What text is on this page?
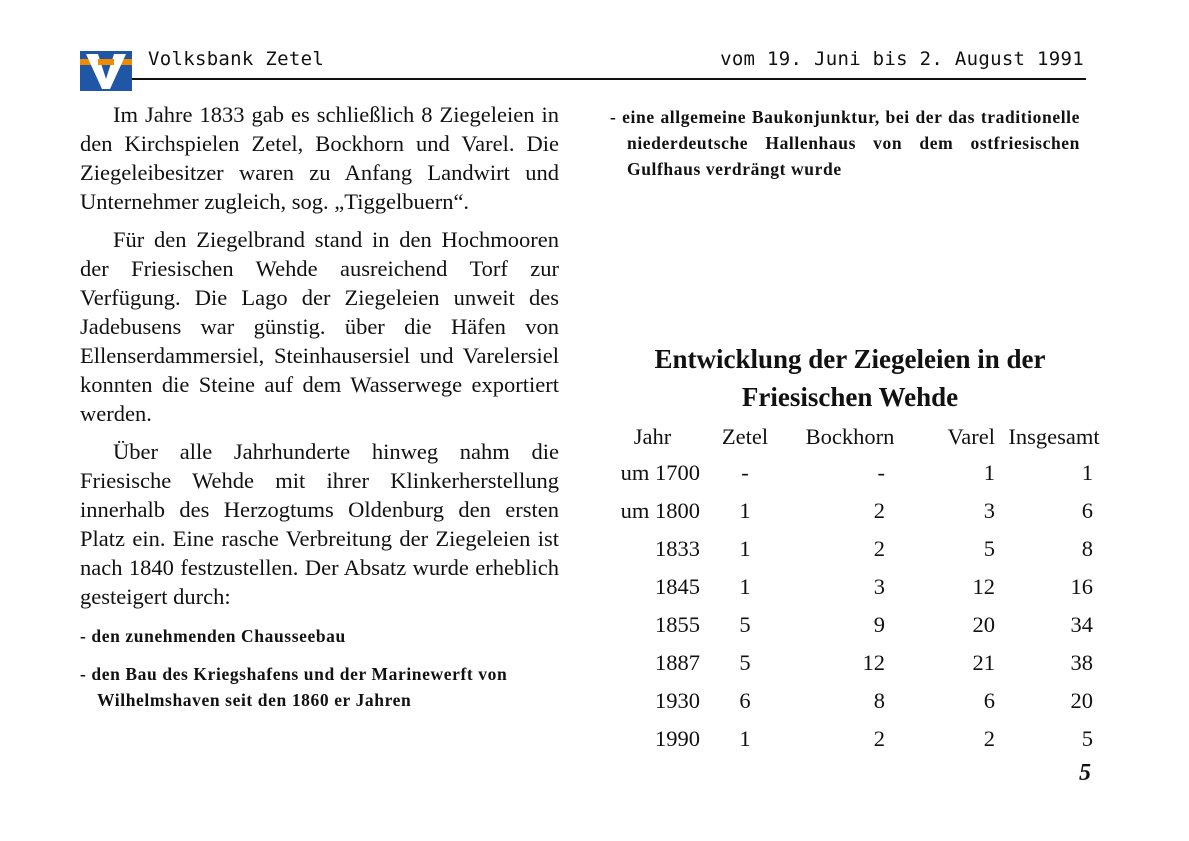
Volksbank Zetel	vom 19. Juni bis 2. August 1991

Im Jahre 1833 gab es schließlich 8 Ziegeleien in den Kirchspielen Zetel, Bockhorn und Varel. Die Ziegeleibesitzer waren zu Anfang Landwirt und Unternehmer zugleich, sog. „Tiggelbuern“.

Für den Ziegelbrand stand in den Hochmooren der Friesischen Wehde ausreichend Torf zur Verfügung. Die Lago der Ziegeleien unweit des Jadebusens war günstig. über die Häfen von Ellenserdammersiel, Steinhausersiel und Varelersiel konnten die Steine auf dem Wasserwege exportiert werden.

Über alle Jahrhunderte hinweg nahm die Friesische Wehde mit ihrer Klinkerherstellung innerhalb des Herzogtums Oldenburg den ersten Platz ein. Eine rasche Verbreitung der Ziegeleien ist nach 1840 festzustellen. Der Absatz wurde erheblich gesteigert durch:

- den zunehmenden Chausseebau
- den Bau des Kriegshafens und der Marinewerft von Wilhelmshaven seit den 1860 er Jahren
- eine allgemeine Baukonjunktur, bei der das traditionelle niederdeutsche Hallenhaus von dem ostfriesischen Gulfhaus verdrängt wurde
Entwicklung der Ziegeleien in der Friesischen Wehde
Jahr	Zetel	Bockhorn	Varel	Insgesamt
um 1700	-	-	1	1
um 1800	1	2	3	6
1833	1	2	5	8
1845	1	3	12	16
1855	5	9	20	34
1887	5	12	21	38
1930	6	8	6	20
1990	1	2	2	5
5
